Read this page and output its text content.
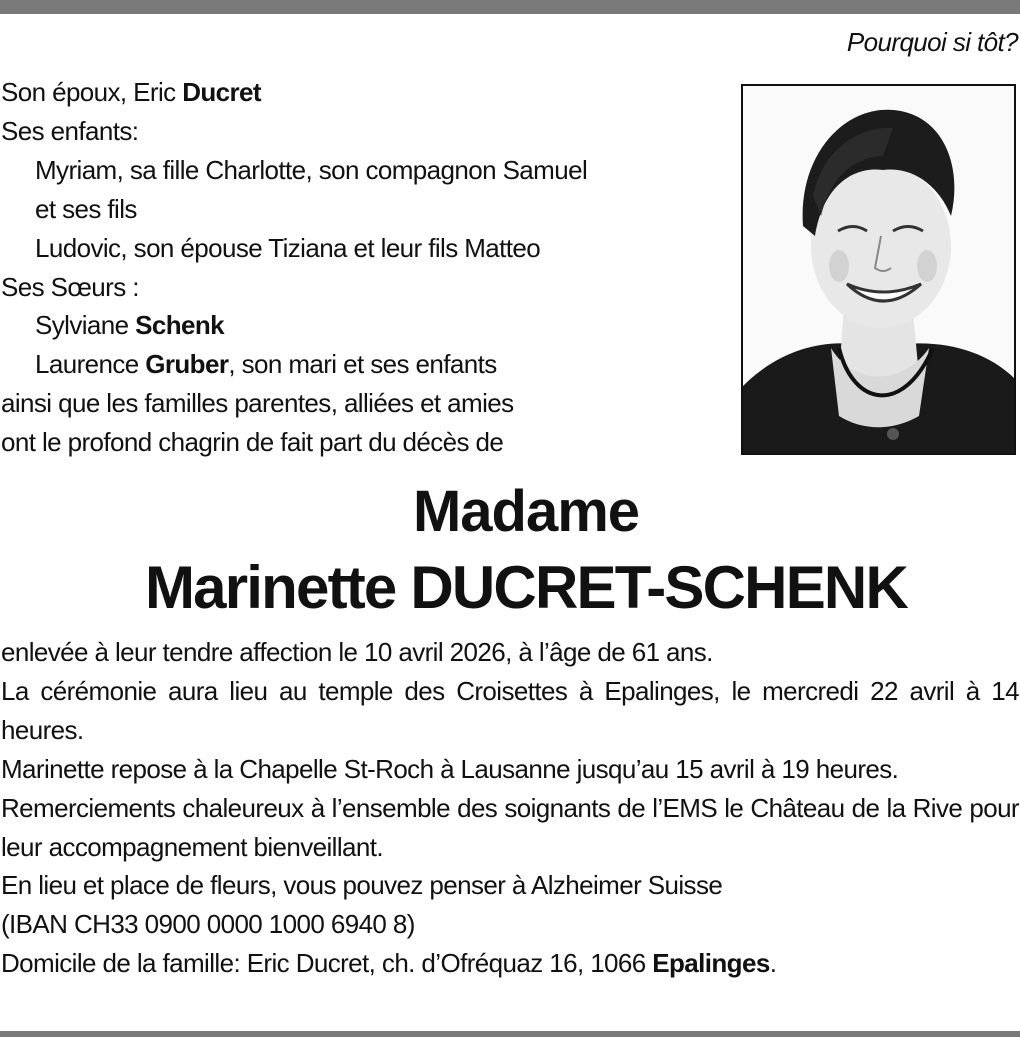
Pourquoi si tôt?
Son époux, Eric Ducret
Ses enfants:
Myriam, sa fille Charlotte, son compagnon Samuel
et ses fils
Ludovic, son épouse Tiziana et leur fils Matteo
Ses Sœurs :
Sylviane Schenk
Laurence Gruber, son mari et ses enfants
ainsi que les familles parentes, alliées et amies
ont le profond chagrin de fait part du décès de
Madame
Marinette DUCRET-SCHENK

enlevée à leur tendre affection le 10 avril 2026, à l’âge de 61 ans.

La cérémonie aura lieu au temple des Croisettes à Epalinges, le mercredi 22 avril à 14 heures.

Marinette repose à la Chapelle St-Roch à Lausanne jusqu’au 15 avril à 19 heures.

Remerciements chaleureux à l’ensemble des soignants de l’EMS le Château de la Rive pour leur accompagnement bienveillant.

En lieu et place de fleurs, vous pouvez penser à Alzheimer Suisse

(IBAN CH33 0900 0000 1000 6940 8)

Domicile de la famille: Eric Ducret, ch. d’Ofréquaz 16, 1066 Epalinges.
